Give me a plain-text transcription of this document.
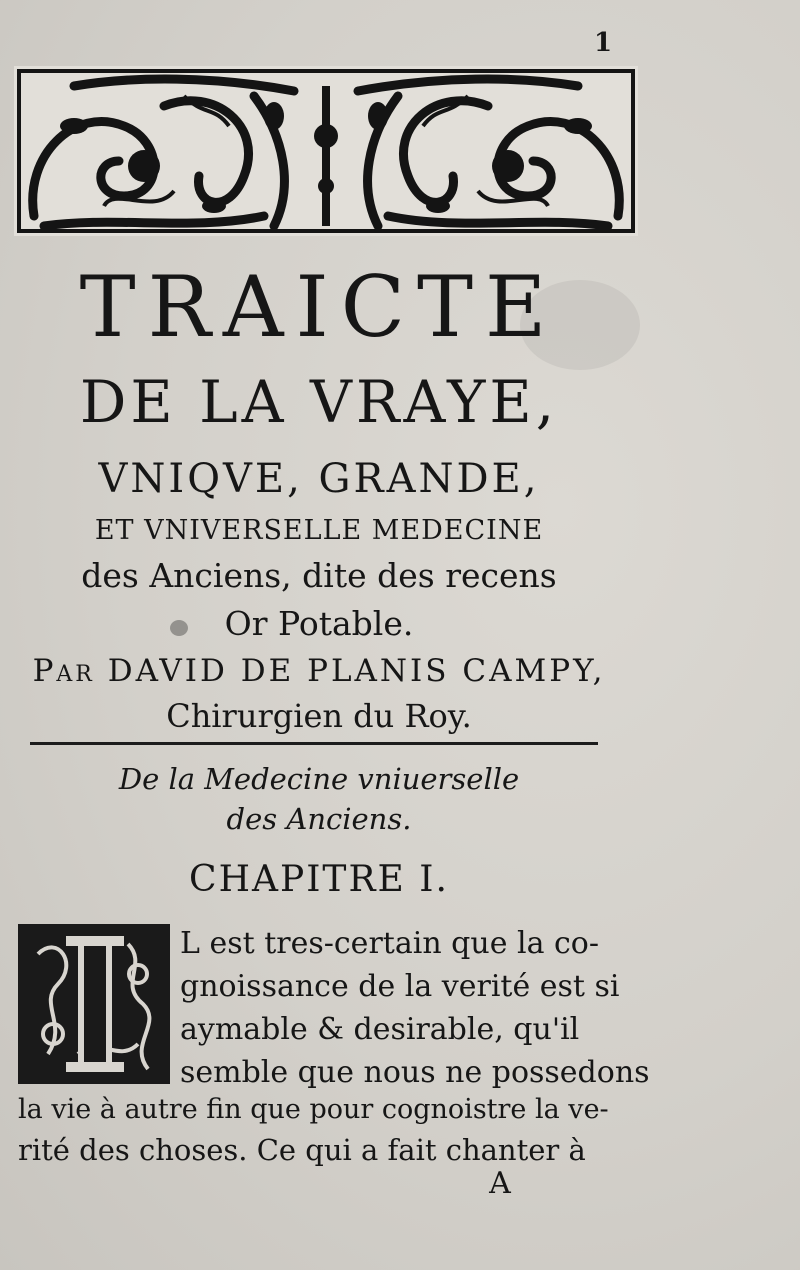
1
TRAICTE
DE LA VRAYE,
VNIQVE, GRANDE,
ET VNIVERSELLE MEDECINE
des Anciens, dite des recens
Or Potable.
Par DAVID DE PLANIS CAMPY,
Chirurgien du Roy.
De la Medecine vniuerselle
des Anciens.
CHAPITRE I.
L est tres-certain que la co-
gnoissance de la verité est si
aymable & desirable, qu'il
semble que nous ne possedons
la vie à autre fin que pour cognoistre la ve-
rité des choses. Ce qui a fait chanter à
A
